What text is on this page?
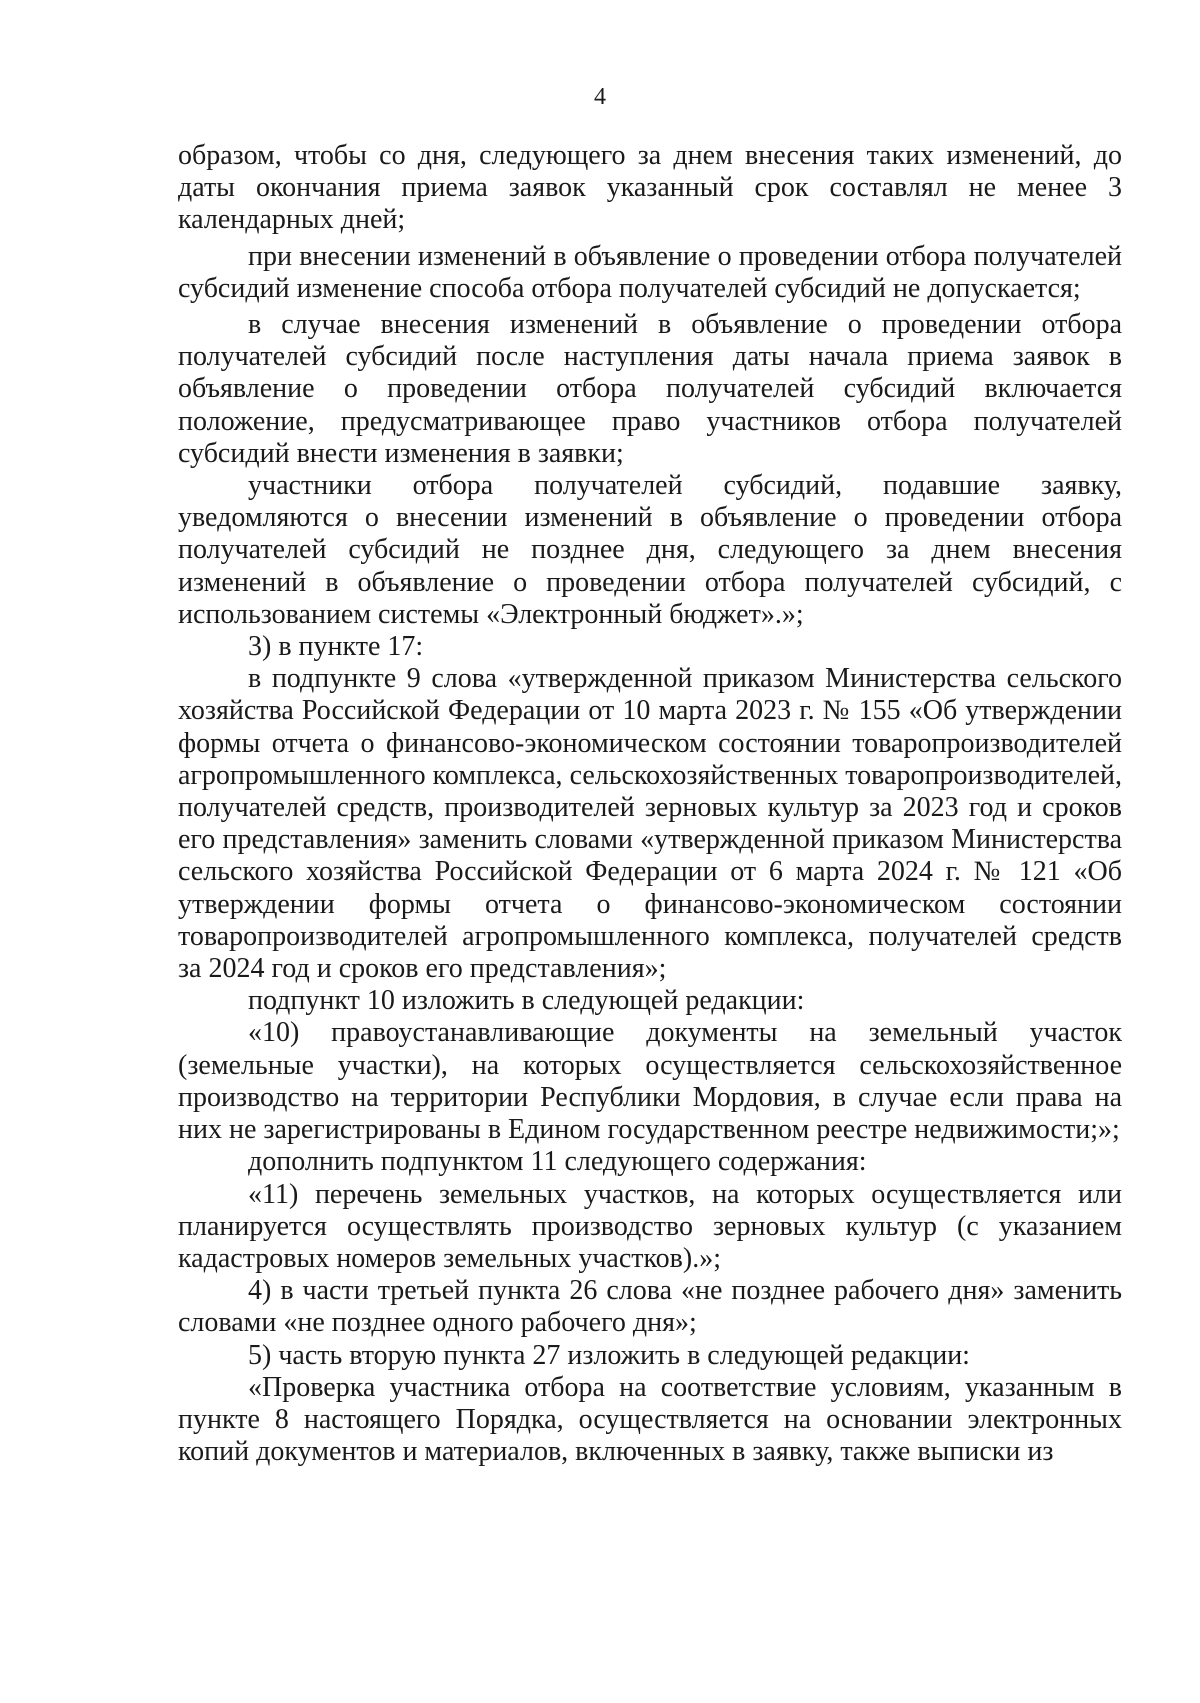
4

образом, чтобы со дня, следующего за днем внесения таких изменений, до даты окончания приема заявок указанный срок составлял не менее 3 календарных дней;

при внесении изменений в объявление о проведении отбора получателей субсидий изменение способа отбора получателей субсидий не допускается;

в случае внесения изменений в объявление о проведении отбора получателей субсидий после наступления даты начала приема заявок в объявление о проведении отбора получателей субсидий включается положение, предусматривающее право участников отбора получателей субсидий внести изменения в заявки;

участники отбора получателей субсидий, подавшие заявку, уведомляются о внесении изменений в объявление о проведении отбора получателей субсидий не позднее дня, следующего за днем внесения изменений в объявление о проведении отбора получателей субсидий, с использованием системы «Электронный бюджет».»;

3) в пункте 17:

в подпункте 9 слова «утвержденной приказом Министерства сельского хозяйства Российской Федерации от 10 марта 2023 г. № 155 «Об утверждении формы отчета о финансово-экономическом состоянии товаропроизводителей агропромышленного комплекса, сельскохозяйственных товаропроизводителей, получателей средств, производителей зерновых культур за 2023 год и сроков его представления» заменить словами «утвержденной приказом Министерства сельского хозяйства Российской Федерации от 6 марта 2024 г. № 121 «Об утверждении формы отчета о финансово-экономическом состоянии товаропроизводителей агропромышленного комплекса, получателей средств за 2024 год и сроков его представления»;

подпункт 10 изложить в следующей редакции:

«10) правоустанавливающие документы на земельный участок (земельные участки), на которых осуществляется сельскохозяйственное производство на территории Республики Мордовия, в случае если права на них не зарегистрированы в Едином государственном реестре недвижимости;»;

дополнить подпунктом 11 следующего содержания:

«11) перечень земельных участков, на которых осуществляется или планируется осуществлять производство зерновых культур (с указанием кадастровых номеров земельных участков).»;

4) в части третьей пункта 26 слова «не позднее рабочего дня» заменить словами «не позднее одного рабочего дня»;

5) часть вторую пункта 27 изложить в следующей редакции:

«Проверка участника отбора на соответствие условиям, указанным в пункте 8 настоящего Порядка, осуществляется на основании электронных копий документов и материалов, включенных в заявку, также выписки из
